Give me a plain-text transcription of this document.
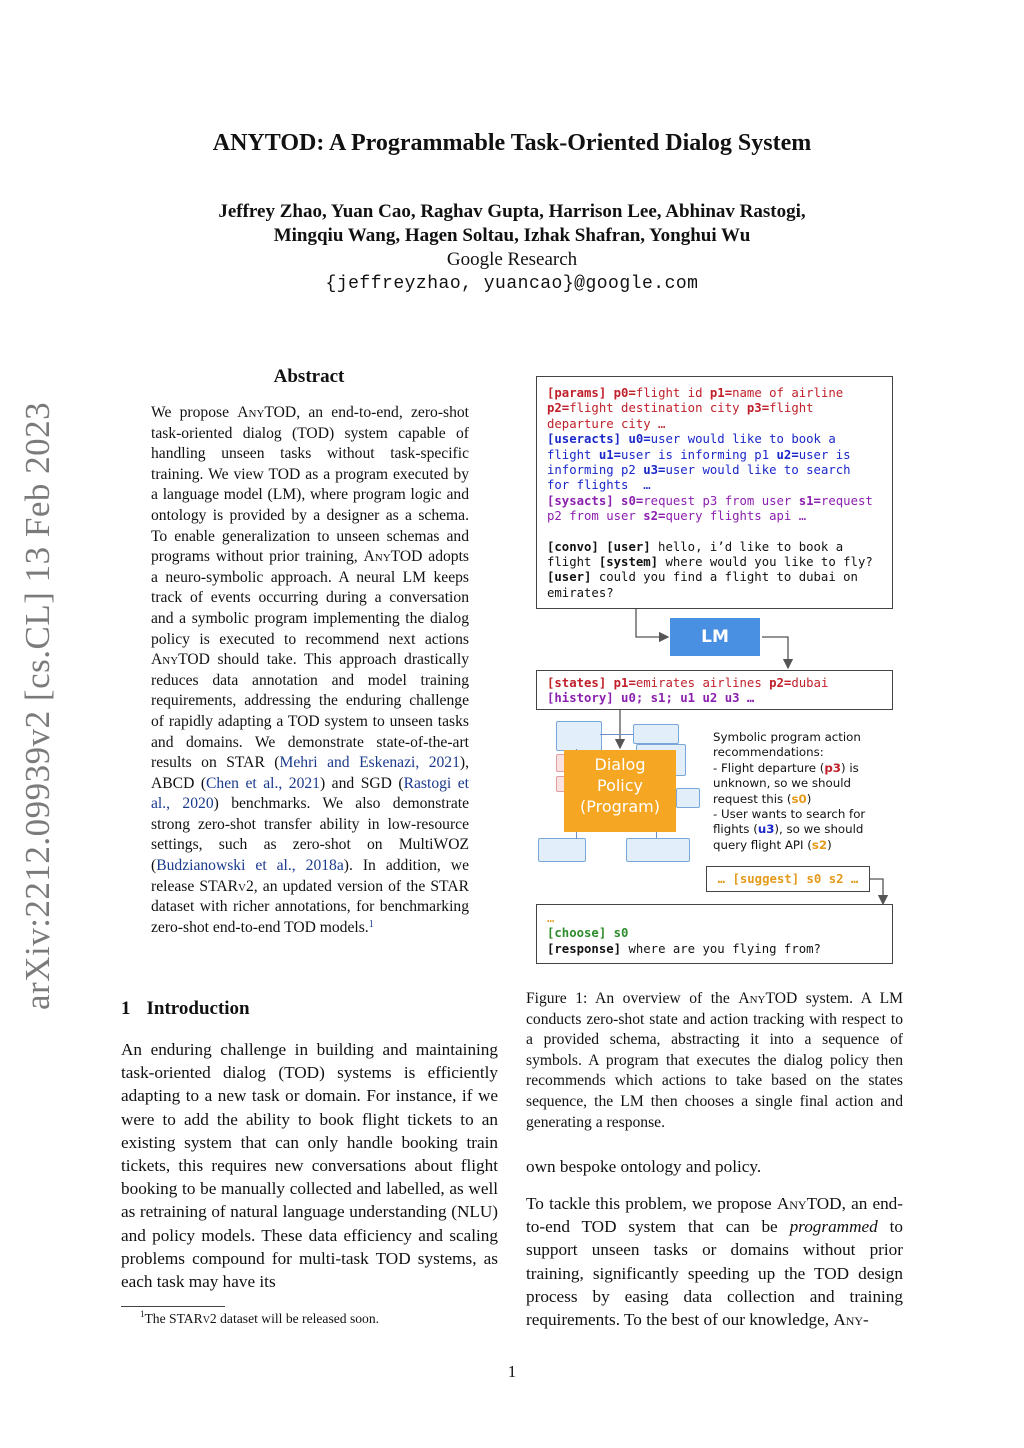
arXiv:2212.09939v2 [cs.CL] 13 Feb 2023
ANYTOD: A Programmable Task-Oriented Dialog System
Jeffrey Zhao, Yuan Cao, Raghav Gupta, Harrison Lee, Abhinav Rastogi,
Mingqiu Wang, Hagen Soltau, Izhak Shafran, Yonghui Wu
Google Research
{jeffreyzhao, yuancao}@google.com
Abstract
We propose AnyTOD, an end-to-end, zero-shot task-oriented dialog (TOD) system capable of handling unseen tasks without task-specific training. We view TOD as a program executed by a language model (LM), where program logic and ontology is provided by a designer as a schema. To enable generalization to unseen schemas and programs without prior training, AnyTOD adopts a neuro-symbolic approach. A neural LM keeps track of events occurring during a conversation and a symbolic program implementing the dialog policy is executed to recommend next actions AnyTOD should take. This approach drastically reduces data annotation and model training requirements, addressing the enduring challenge of rapidly adapting a TOD system to unseen tasks and domains. We demonstrate state-of-the-art results on STAR (Mehri and Eskenazi, 2021), ABCD (Chen et al., 2021) and SGD (Rastogi et al., 2020) benchmarks. We also demonstrate strong zero-shot transfer ability in low-resource settings, such as zero-shot on MultiWOZ (Budzianowski et al., 2018a). In addition, we release STARv2, an updated version of the STAR dataset with richer annotations, for benchmarking zero-shot end-to-end TOD models.$^1$
1 Introduction
An enduring challenge in building and maintaining task-oriented dialog (TOD) systems is efficiently adapting to a new task or domain. For instance, if we were to add the ability to book flight tickets to an existing system that can only handle booking train tickets, this requires new conversations about flight booking to be manually collected and labelled, as well as retraining of natural language understanding (NLU) and policy models. These data efficiency and scaling problems compound for multi-task TOD systems, as each task may have its
$^1$The STARv2 dataset will be released soon.
[params] p0=flight id p1=name of airline
p2=flight destination city p3=flight
departure city …
[useracts] u0=user would like to book a
flight u1=user is informing p1 u2=user is
informing p2 u3=user would like to search
for flights  …
[sysacts] s0=request p3 from user s1=request
p2 from user s2=query flights api …
[convo] [user] hello, i’d like to book a
flight [system] where would you like to fly?
[user] could you find a flight to dubai on
emirates?
LM
[states] p1=emirates airlines p2=dubai
[history] u0; s1; u1 u2 u3 …
Dialog
Policy
(Program)
Symbolic program action
recommendations:
- Flight departure (p3) is
unknown, so we should
request this (s0)
- User wants to search for
flights (u3), so we should
query flight API (s2)
… [suggest] s0 s2 …
…
[choose] s0
[response] where are you flying from?
Figure 1: An overview of the AnyTOD system. A LM conducts zero-shot state and action tracking with respect to a provided schema, abstracting it into a sequence of symbols. A program that executes the dialog policy then recommends which actions to take based on the states sequence, the LM then chooses a single final action and generating a response.
own bespoke ontology and policy.
To tackle this problem, we propose AnyTOD, an end-to-end TOD system that can be programmed to support unseen tasks or domains without prior training, significantly speeding up the TOD design process by easing data collection and training requirements. To the best of our knowledge, Any-
1
